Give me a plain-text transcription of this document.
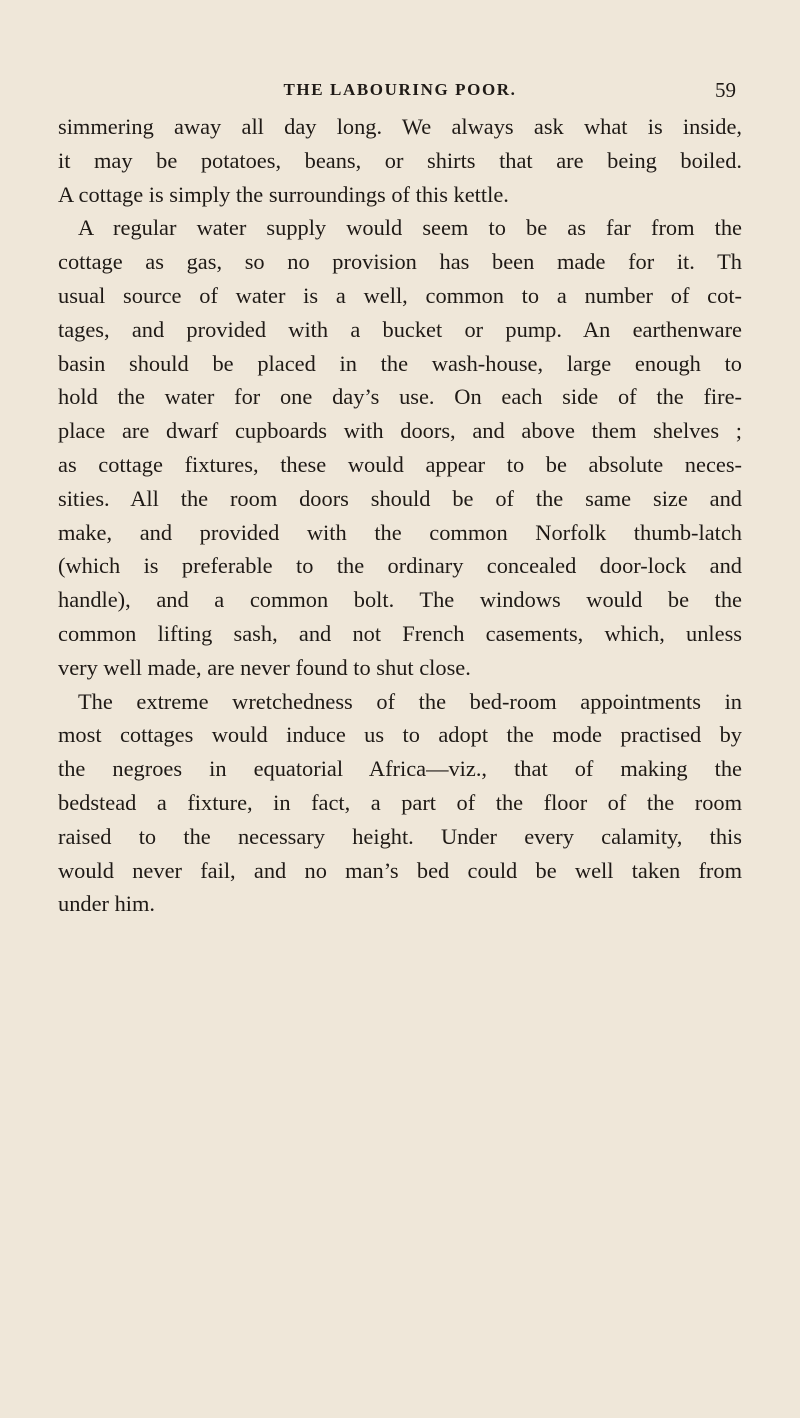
THE LABOURING POOR.	59
simmering away all day long. We always ask what is inside,
it may be potatoes, beans, or shirts that are being boiled.
A cottage is simply the surroundings of this kettle.
A regular water supply would seem to be as far from the
cottage as gas, so no provision has been made for it. Th
usual source of water is a well, common to a number of cot-
tages, and provided with a bucket or pump. An earthenware
basin should be placed in the wash-house, large enough to
hold the water for one day’s use. On each side of the fire-
place are dwarf cupboards with doors, and above them shelves ;
as cottage fixtures, these would appear to be absolute neces-
sities. All the room doors should be of the same size and
make, and provided with the common Norfolk thumb-latch
(which is preferable to the ordinary concealed door-lock and
handle), and a common bolt. The windows would be the
common lifting sash, and not French casements, which, unless
very well made, are never found to shut close.
The extreme wretchedness of the bed-room appointments in
most cottages would induce us to adopt the mode practised by
the negroes in equatorial Africa—viz., that of making the
bedstead a fixture, in fact, a part of the floor of the room
raised to the necessary height. Under every calamity, this
would never fail, and no man’s bed could be well taken from
under him.
